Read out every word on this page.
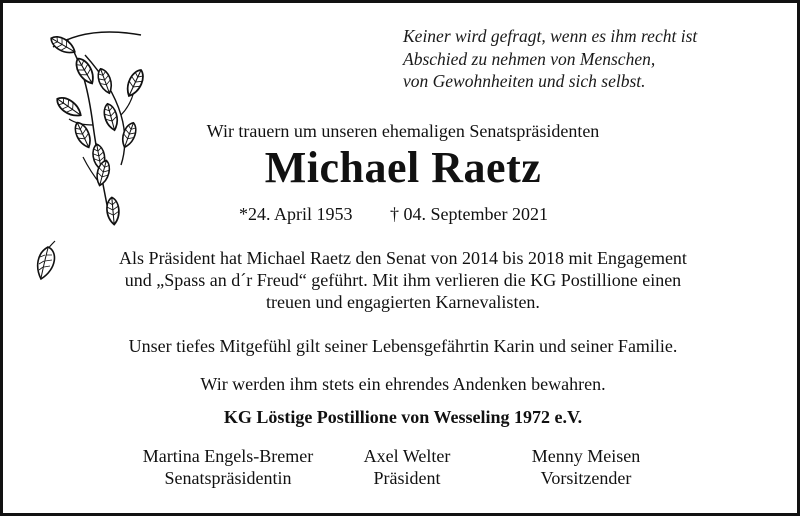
Keiner wird gefragt, wenn es ihm recht ist
Abschied zu nehmen von Menschen,
von Gewohnheiten und sich selbst.
Wir trauern um unseren ehemaligen Senatspräsidenten
Michael Raetz
*24. April 1953 † 04. September 2021
Als Präsident hat Michael Raetz den Senat von 2014 bis 2018 mit Engagement
und „Spass an d´r Freud“ geführt. Mit ihm verlieren die KG Postillione einen
treuen und engagierten Karnevalisten.
Unser tiefes Mitgefühl gilt seiner Lebensgefährtin Karin und seiner Familie.
Wir werden ihm stets ein ehrendes Andenken bewahren.
KG Löstige Postillione von Wesseling 1972 e.V.
Martina Engels-Bremer
Senatspräsidentin
Axel Welter
Präsident
Menny Meisen
Vorsitzender
